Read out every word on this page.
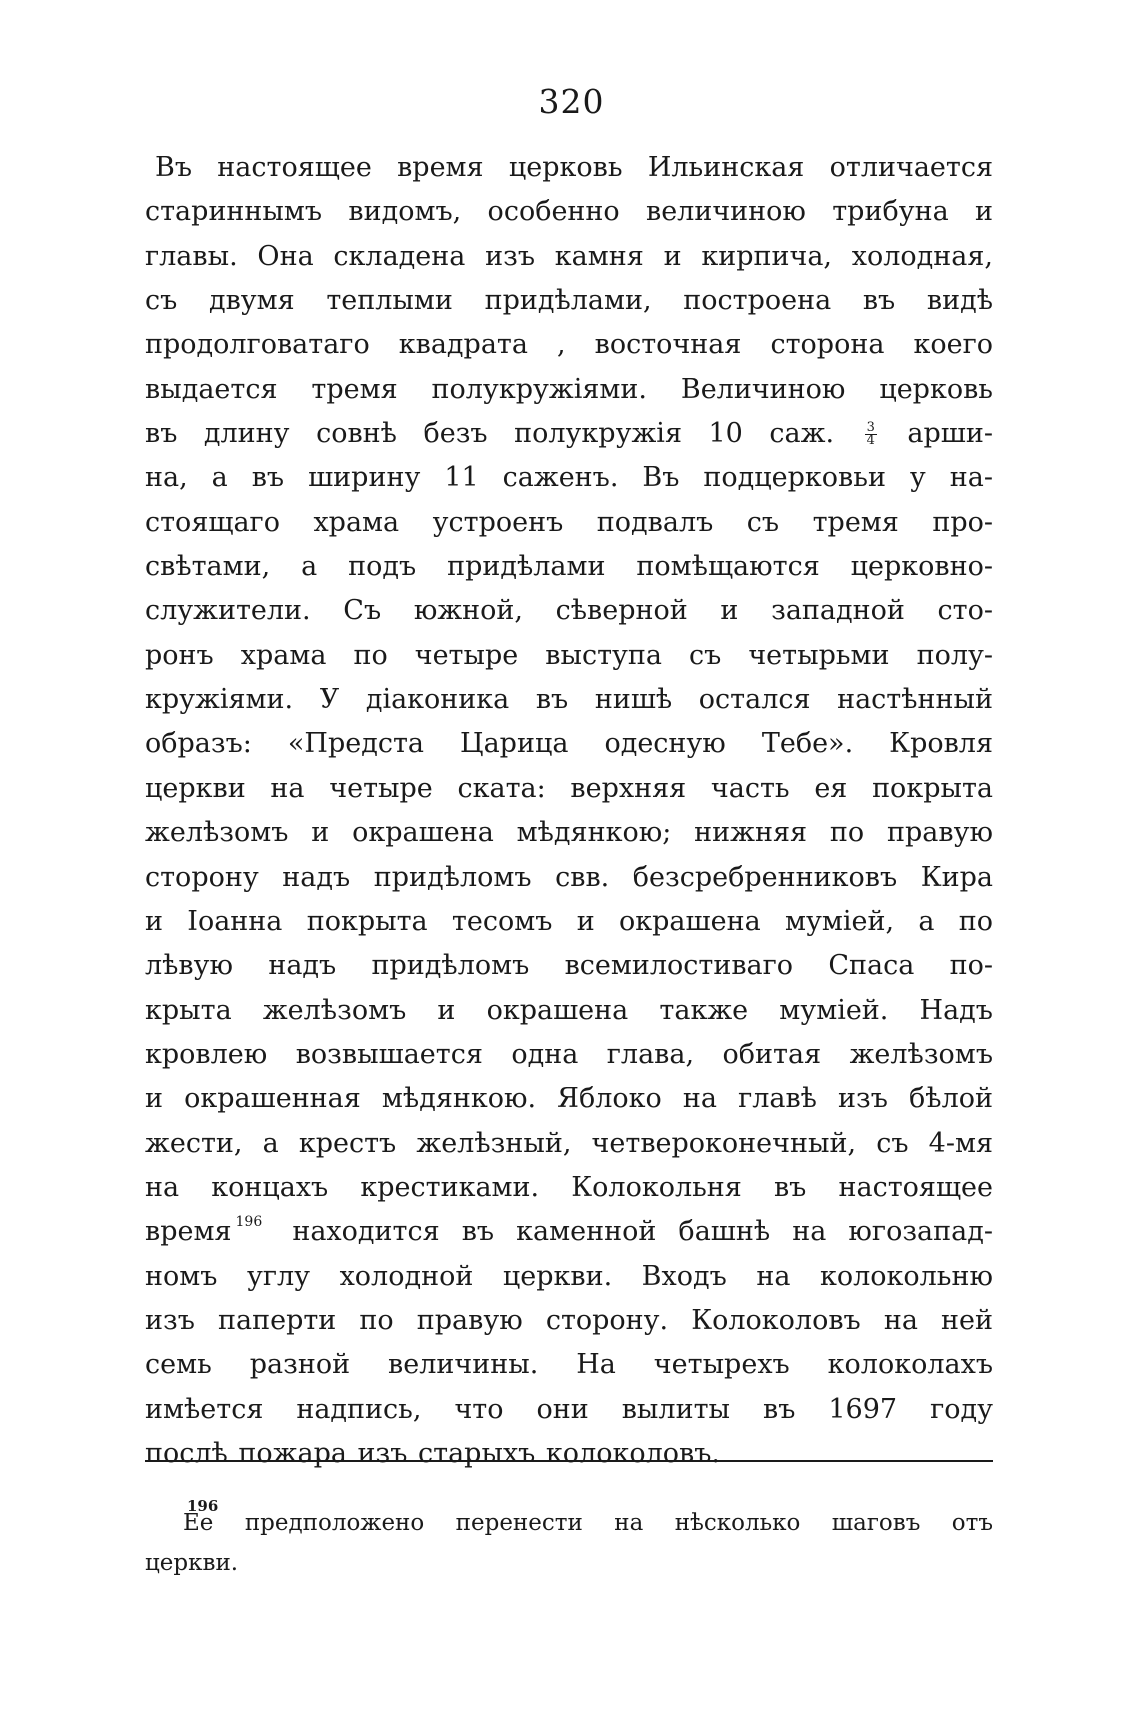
320
Въ настоящее время церковь Ильинская отличается
стариннымъ видомъ, особенно величиною трибуна и
главы. Она складена изъ камня и кирпича, холодная,
съ двумя теплыми придѣлами, построена въ видѣ
продолговатаго квадрата , восточная сторона коего
выдается тремя полукружіями. Величиною церковь
въ длину совнѣ безъ полукружія 10 саж. $\frac{3}{4}$ арши-
на, а въ ширину 11 саженъ. Въ подцерковьи у на-
стоящаго храма устроенъ подвалъ съ тремя про-
свѣтами, а подъ придѣлами помѣщаются церковно-
служители. Съ южной, сѣверной и западной сто-
ронъ храма по четыре выступа съ четырьми полу-
кружіями. У діаконика въ нишѣ остался настѣнный
образъ: «Предста Царица одесную Тебе». Кровля
церкви на четыре ската: верхняя часть ея покрыта
желѣзомъ и окрашена мѣдянкою; нижняя по правую
сторону надъ придѣломъ свв. безсребренниковъ Кира
и Іоанна покрыта тесомъ и окрашена муміей, а по
лѣвую надъ придѣломъ всемилостиваго Спаса по-
крыта желѣзомъ и окрашена также муміей. Надъ
кровлею возвышается одна глава, обитая желѣзомъ
и окрашенная мѣдянкою. Яблоко на главѣ изъ бѣлой
жести, а крестъ желѣзный, четвероконечный, съ 4-мя
на концахъ крестиками. Колокольня въ настоящее
время $^{196}$ находится въ каменной башнѣ на югозапад-
номъ углу холодной церкви. Входъ на колокольню
изъ паперти по правую сторону. Колоколовъ на ней
семь разной величины. На четырехъ колоколахъ
имѣется надпись, что они вылиты въ 1697 году
послѣ пожара изъ старыхъ колоколовъ.
196
Ее предположено перенести на нѣсколько шаговъ отъ
церкви.
